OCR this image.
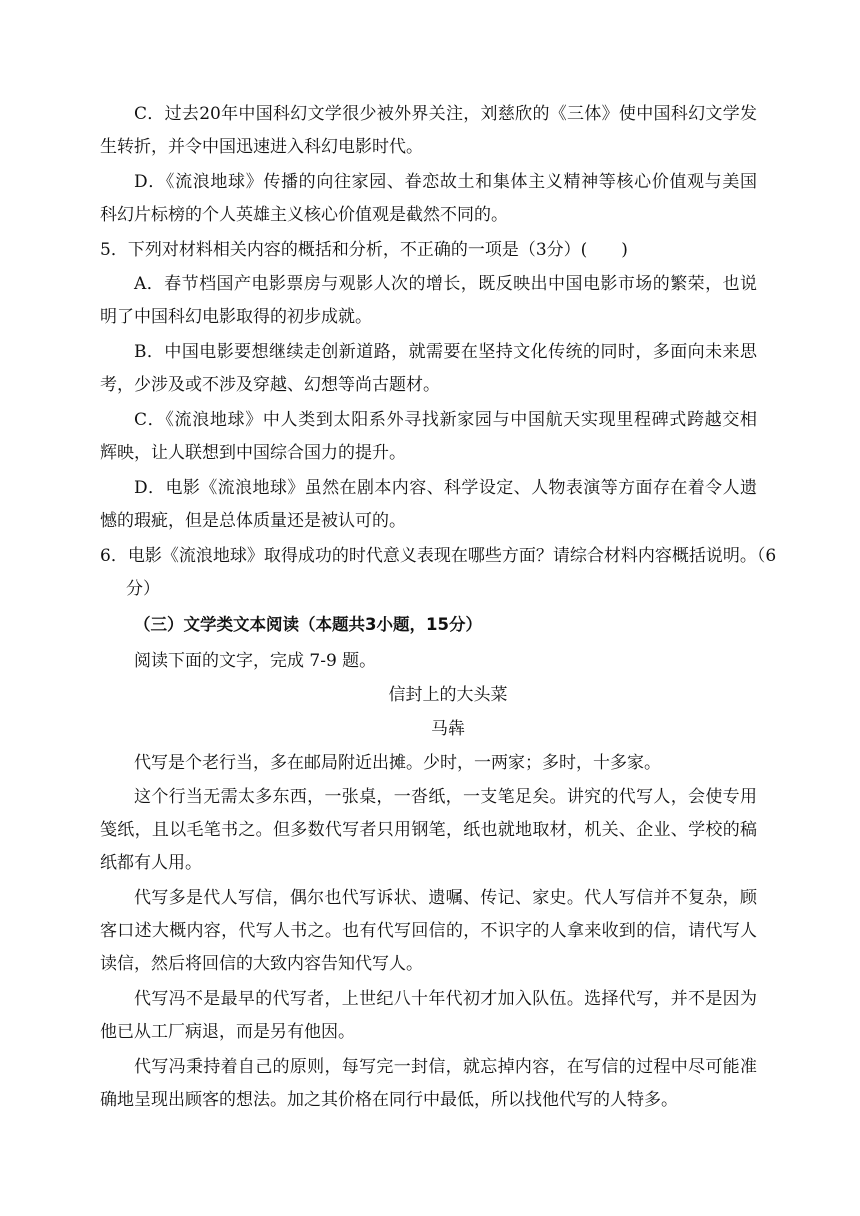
C．过去20年中国科幻文学很少被外界关注，刘慈欣的《三体》使中国科幻文学发
生转折，并令中国迅速进入科幻电影时代。
D．《流浪地球》传播的向往家园、眷恋故土和集体主义精神等核心价值观与美国
科幻片标榜的个人英雄主义核心价值观是截然不同的。
5．下列对材料相关内容的概括和分析，不正确的一项是（3分）(　　)
A．春节档国产电影票房与观影人次的增长，既反映出中国电影市场的繁荣，也说
明了中国科幻电影取得的初步成就。
B．中国电影要想继续走创新道路，就需要在坚持文化传统的同时，多面向未来思
考，少涉及或不涉及穿越、幻想等尚古题材。
C．《流浪地球》中人类到太阳系外寻找新家园与中国航天实现里程碑式跨越交相
辉映，让人联想到中国综合国力的提升。
D．电影《流浪地球》虽然在剧本内容、科学设定、人物表演等方面存在着令人遗
憾的瑕疵，但是总体质量还是被认可的。
6．电影《流浪地球》取得成功的时代意义表现在哪些方面？请综合材料内容概括说明。（6
分）
（三）文学类文本阅读（本题共3小题，15分）
阅读下面的文字，完成 7-9 题。
信封上的大头菜
马犇
代写是个老行当，多在邮局附近出摊。少时，一两家；多时，十多家。
这个行当无需太多东西，一张桌，一沓纸，一支笔足矣。讲究的代写人，会使专用
笺纸，且以毛笔书之。但多数代写者只用钢笔，纸也就地取材，机关、企业、学校的稿
纸都有人用。
代写多是代人写信，偶尔也代写诉状、遗嘱、传记、家史。代人写信并不复杂，顾
客口述大概内容，代写人书之。也有代写回信的，不识字的人拿来收到的信，请代写人
读信，然后将回信的大致内容告知代写人。
代写冯不是最早的代写者，上世纪八十年代初才加入队伍。选择代写，并不是因为
他已从工厂病退，而是另有他因。
代写冯秉持着自己的原则，每写完一封信，就忘掉内容，在写信的过程中尽可能准
确地呈现出顾客的想法。加之其价格在同行中最低，所以找他代写的人特多。
